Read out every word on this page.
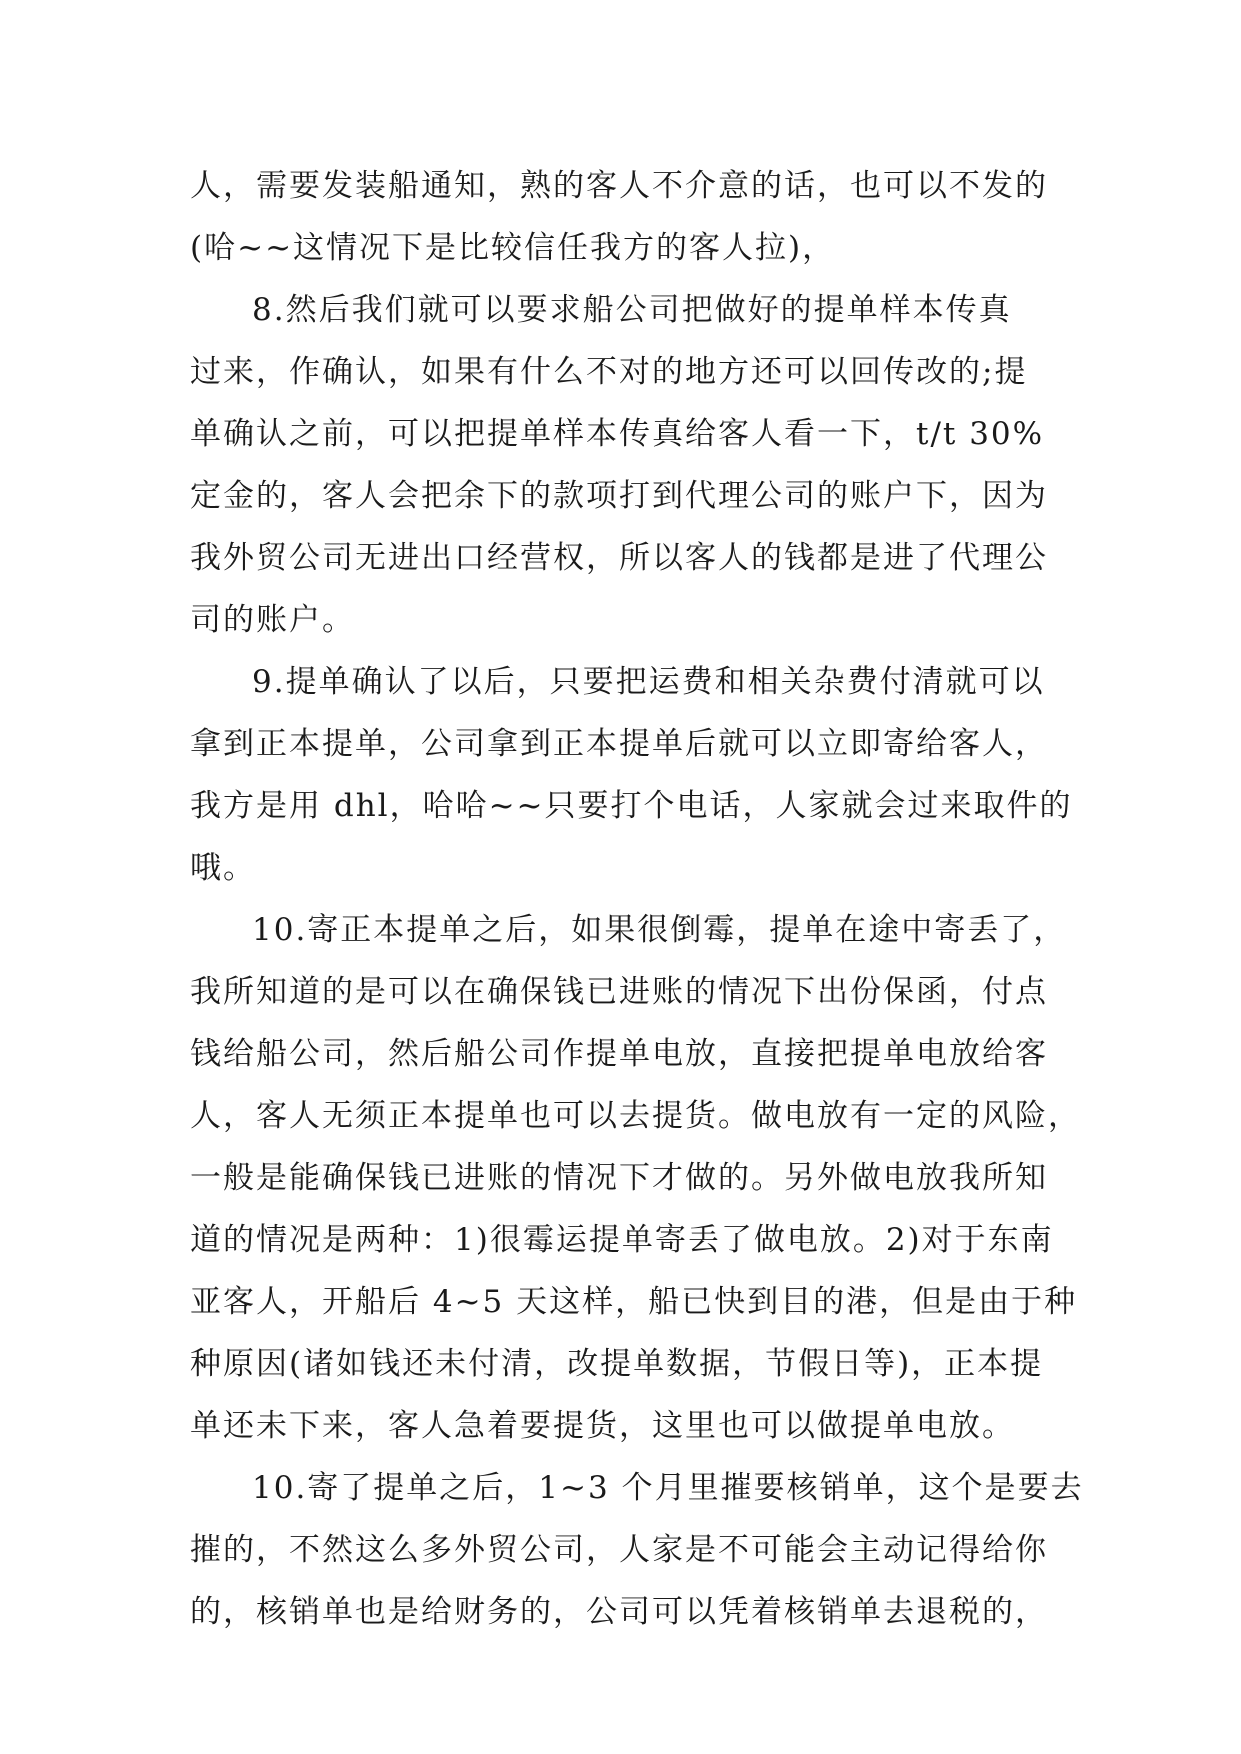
人，需要发装船通知，熟的客人不介意的话，也可以不发的
(哈~~这情况下是比较信任我方的客人拉)，
8.然后我们就可以要求船公司把做好的提单样本传真
过来，作确认，如果有什么不对的地方还可以回传改的;提
单确认之前，可以把提单样本传真给客人看一下，t/t 30%
定金的，客人会把余下的款项打到代理公司的账户下，因为
我外贸公司无进出口经营权，所以客人的钱都是进了代理公
司的账户。
9.提单确认了以后，只要把运费和相关杂费付清就可以
拿到正本提单，公司拿到正本提单后就可以立即寄给客人，
我方是用 dhl，哈哈~~只要打个电话，人家就会过来取件的
哦。
10.寄正本提单之后，如果很倒霉，提单在途中寄丢了，
我所知道的是可以在确保钱已进账的情况下出份保函，付点
钱给船公司，然后船公司作提单电放，直接把提单电放给客
人，客人无须正本提单也可以去提货。做电放有一定的风险，
一般是能确保钱已进账的情况下才做的。另外做电放我所知
道的情况是两种：1)很霉运提单寄丢了做电放。2)对于东南
亚客人，开船后 4~5 天这样，船已快到目的港，但是由于种
种原因(诸如钱还未付清，改提单数据，节假日等)，正本提
单还未下来，客人急着要提货，这里也可以做提单电放。
10.寄了提单之后，1~3 个月里摧要核销单，这个是要去
摧的，不然这么多外贸公司，人家是不可能会主动记得给你
的，核销单也是给财务的，公司可以凭着核销单去退税的，
